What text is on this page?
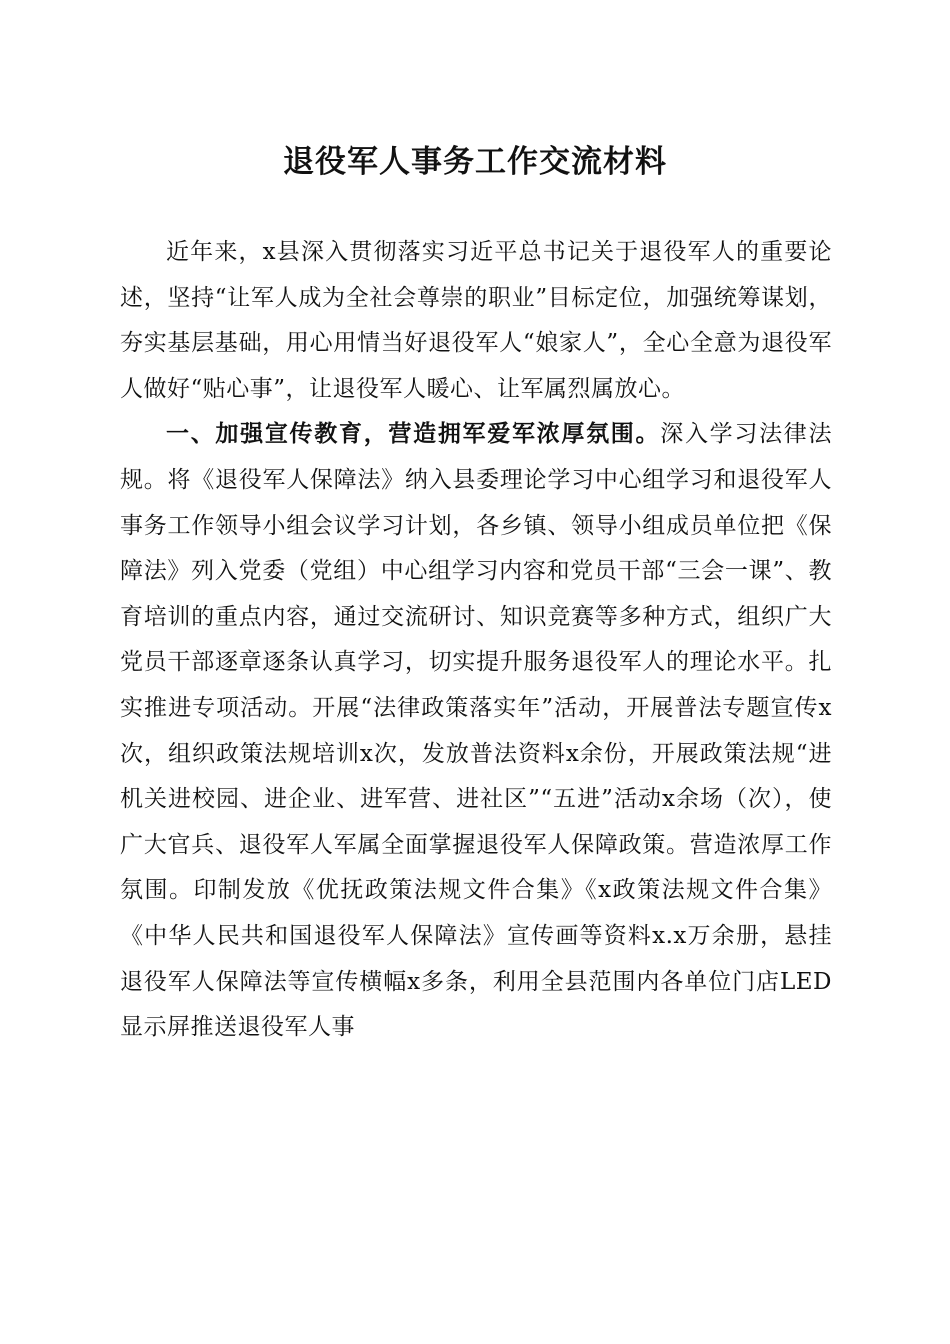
退役军人事务工作交流材料

近年来，x县深入贯彻落实习近平总书记关于退役军人的重要论述，坚持“让军人成为全社会尊崇的职业”目标定位，加强统筹谋划，夯实基层基础，用心用情当好退役军人“娘家人”，全心全意为退役军人做好“贴心事”，让退役军人暖心、让军属烈属放心。

一、加强宣传教育，营造拥军爱军浓厚氛围。深入学习法律法规。将《退役军人保障法》纳入县委理论学习中心组学习和退役军人事务工作领导小组会议学习计划，各乡镇、领导小组成员单位把《保障法》列入党委（党组）中心组学习内容和党员干部“三会一课”、教育培训的重点内容，通过交流研讨、知识竞赛等多种方式，组织广大党员干部逐章逐条认真学习，切实提升服务退役军人的理论水平。扎实推进专项活动。开展“法律政策落实年”活动，开展普法专题宣传x次，组织政策法规培训x次，发放普法资料x余份，开展政策法规“进机关进校园、进企业、进军营、进社区”“五进”活动x余场（次），使广大官兵、退役军人军属全面掌握退役军人保障政策。营造浓厚工作氛围。印制发放《优抚政策法规文件合集》《x政策法规文件合集》《中华人民共和国退役军人保障法》宣传画等资料x.x万余册，悬挂退役军人保障法等宣传横幅x多条，利用全县范围内各单位门店LED显示屏推送退役军人事
